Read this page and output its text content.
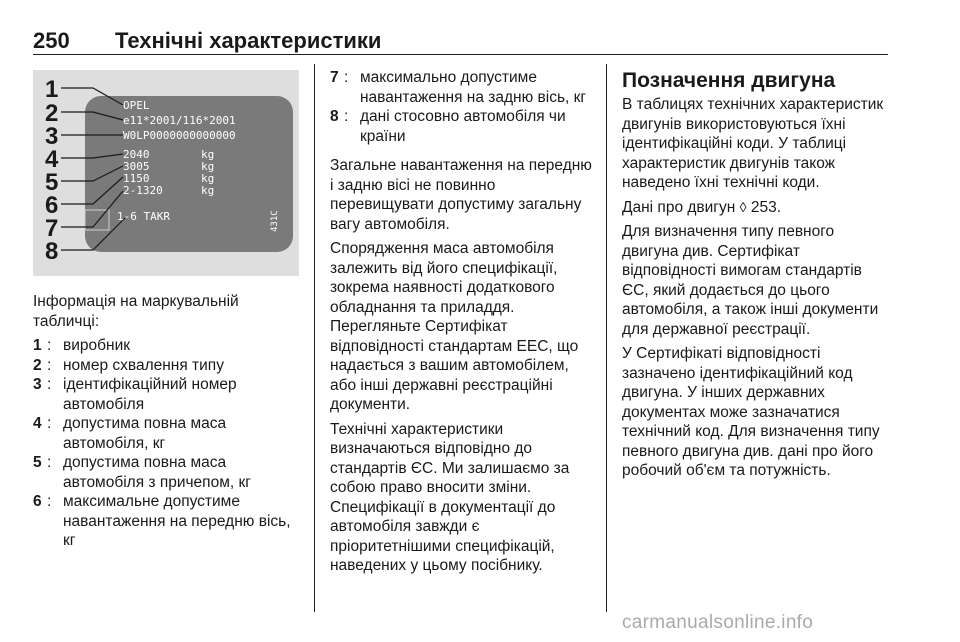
250 Технічні характеристики
1
2
3
4
5
6
7
8
OPEL
e11*2001/116*2001
W0LP0000000000000
2040
3005
1150
2-1320
1-6 TAKR
kg
kg
kg
kg
431C

Інформація на маркувальній табличці:

1 : виробник
2 : номер схвалення типу
3 : ідентифікаційний номер автомобіля
4 : допустима повна маса автомобіля, кг
5 : допустима повна маса автомобіля з причепом, кг
6 : максимальне допустиме навантаження на передню вісь, кг
7 : максимально допустиме навантаження на задню вісь, кг
8 : дані стосовно автомобіля чи країни

Загальне навантаження на передню і задню вісі не повинно перевищувати допустиму загальну вагу автомобіля.

Спорядження маса автомобіля залежить від його специфікації, зокрема наявності додаткового обладнання та приладдя. Перегляньте Сертифікат відповідності стандартам ЕЕС, що надається з вашим автомобілем, або інші державні реєстраційні документи.

Технічні характеристики визначаються відповідно до стандартів ЄС. Ми залишаємо за собою право вносити зміни. Специфікації в документації до автомобіля завжди є пріоритетнішими специфікацій, наведених у цьому посібнику.

Позначення двигуна

В таблицях технічних характеристик двигунів використовуються їхні ідентифікаційні коди. У таблиці характеристик двигунів також наведено їхні технічні коди.

Дані про двигун ◊ 253.

Для визначення типу певного двигуна див. Сертифікат відповідності вимогам стандартів ЄС, який додається до цього автомобіля, а також інші документи для державної реєстрації.

У Сертифікаті відповідності зазначено ідентифікаційний код двигуна. У інших державних документах може зазначатися технічний код. Для визначення типу певного двигуна див. дані про його робочий об'єм та потужність.

carmanualsonline.info
